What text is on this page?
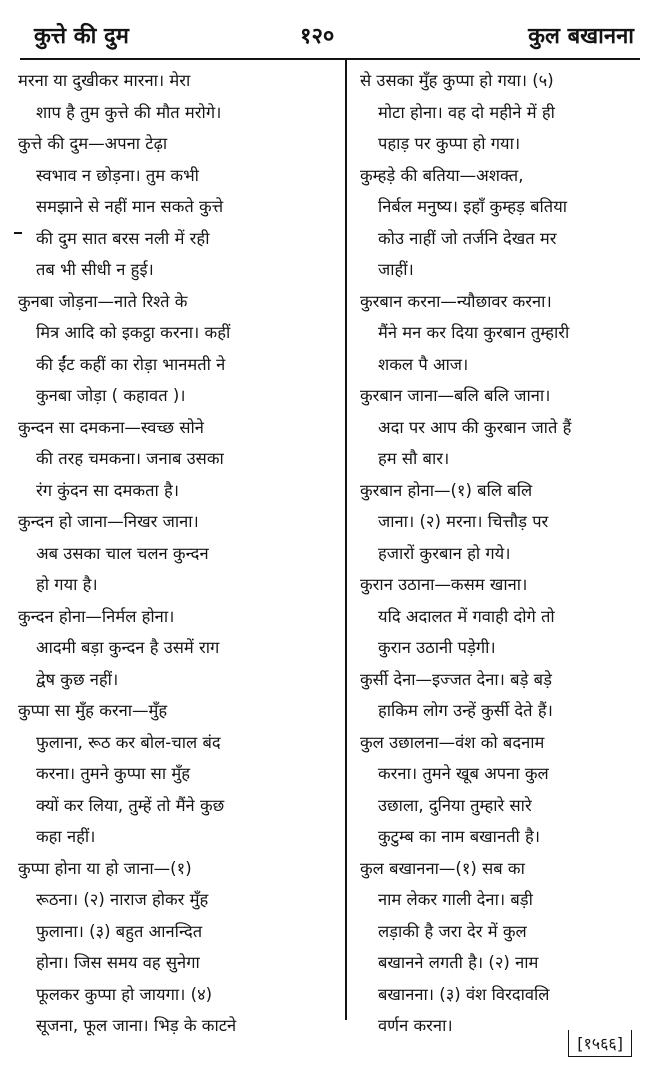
कुत्ते की दुम	१२०	कुल बखानना
मरना या दुखीकर मारना। मेरा
शाप है तुम कुत्ते की मौत मरोगे।
कुत्ते की दुम—अपना टेढ़ा
स्वभाव न छोड़ना। तुम कभी
समझाने से नहीं मान सकते कुत्ते
की दुम सात बरस नली में रही
तब भी सीधी न हुई।
कुनबा जोड़ना—नाते रिश्ते के
मित्र आदि को इकट्ठा करना। कहीं
की ईंट कहीं का रोड़ा भानमती ने
कुनबा जोड़ा ( कहावत )।
कुन्दन सा दमकना—स्वच्छ सोने
की तरह चमकना। जनाब उसका
रंग कुंदन सा दमकता है।
कुन्दन हो जाना—निखर जाना।
अब उसका चाल चलन कुन्दन
हो गया है।
कुन्दन होना—निर्मल होना।
आदमी बड़ा कुन्दन है उसमें राग
द्वेष कुछ नहीं।
कुप्पा सा मुँह करना—मुँह
फुलाना, रूठ कर बोल-चाल बंद
करना। तुमने कुप्पा सा मुँह
क्यों कर लिया, तुम्हें तो मैंने कुछ
कहा नहीं।
कुप्पा होना या हो जाना—(१)
रूठना। (२) नाराज होकर मुँह
फुलाना। (३) बहुत आनन्दित
होना। जिस समय वह सुनेगा
फूलकर कुप्पा हो जायगा। (४)
सूजना, फूल जाना। भिड़ के काटने
से उसका मुँह कुप्पा हो गया। (५)
मोटा होना। वह दो महीने में ही
पहाड़ पर कुप्पा हो गया।
कुम्हड़े की बतिया—अशक्त,
निर्बल मनुष्य। इहाँ कुम्हड़ बतिया
कोउ नाहीं जो तर्जनि देखत मर
जाहीं।
कुरबान करना—न्यौछावर करना।
मैंने मन कर दिया कुरबान तुम्हारी
शकल पै आज।
कुरबान जाना—बलि बलि जाना।
अदा पर आप की कुरबान जाते हैं
हम सौ बार।
कुरबान होना—(१) बलि बलि
जाना। (२) मरना। चित्तौड़ पर
हजारों कुरबान हो गये।
कुरान उठाना—कसम खाना।
यदि अदालत में गवाही दोगे तो
कुरान उठानी पड़ेगी।
कुर्सी देना—इज्जत देना। बड़े बड़े
हाकिम लोग उन्हें कुर्सी देते हैं।
कुल उछालना—वंश को बदनाम
करना। तुमने खूब अपना कुल
उछाला, दुनिया तुम्हारे सारे
कुटुम्ब का नाम बखानती है।
कुल बखानना—(१) सब का
नाम लेकर गाली देना। बड़ी
लड़ाकी है जरा देर में कुल
बखानने लगती है। (२) नाम
बखानना। (३) वंश विरदावलि
वर्णन करना।
[१५६६]
